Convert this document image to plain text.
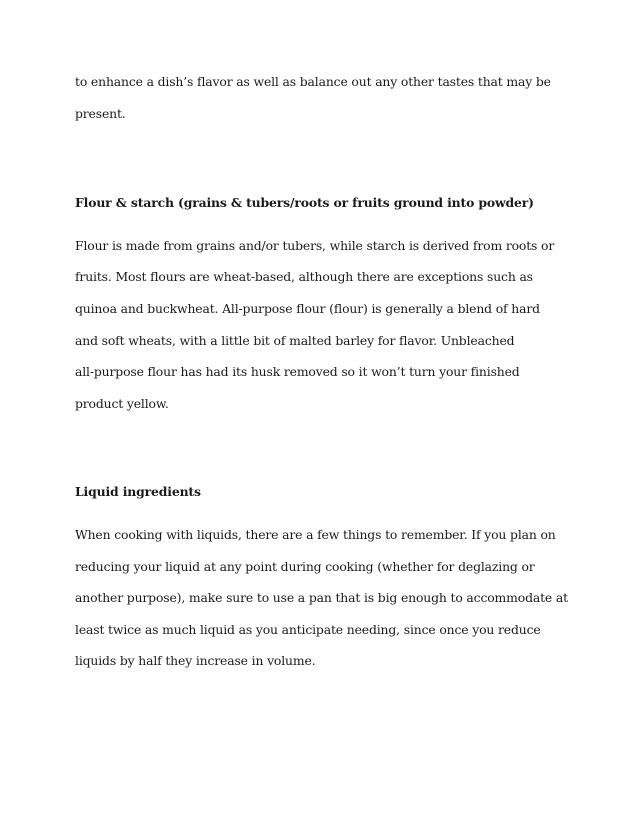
to enhance a dish’s flavor as well as balance out any other tastes that may be

present.

Flour & starch (grains & tubers/roots or fruits ground into powder)

Flour is made from grains and/or tubers, while starch is derived from roots or

fruits. Most flours are wheat-based, although there are exceptions such as

quinoa and buckwheat. All-purpose flour (flour) is generally a blend of hard

and soft wheats, with a little bit of malted barley for flavor. Unbleached

all-purpose flour has had its husk removed so it won’t turn your finished

product yellow.

Liquid ingredients

When cooking with liquids, there are a few things to remember. If you plan on

reducing your liquid at any point during cooking (whether for deglazing or

another purpose), make sure to use a pan that is big enough to accommodate at

least twice as much liquid as you anticipate needing, since once you reduce

liquids by half they increase in volume.
